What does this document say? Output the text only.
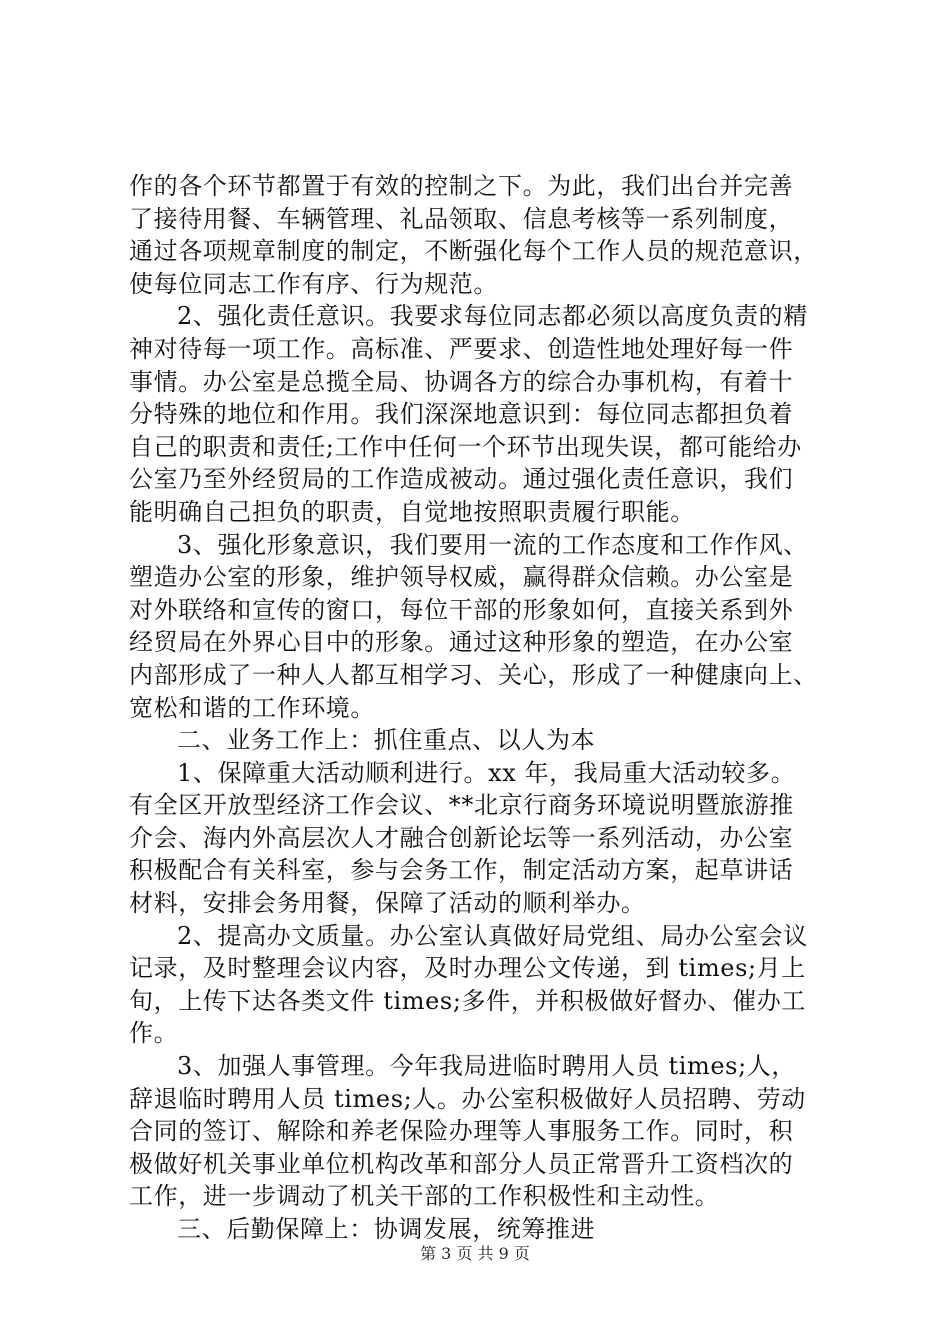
作的各个环节都置于有效的控制之下。为此，我们出台并完善
了接待用餐、车辆管理、礼品领取、信息考核等一系列制度，
通过各项规章制度的制定，不断强化每个工作人员的规范意识，
使每位同志工作有序、行为规范。
2、强化责任意识。我要求每位同志都必须以高度负责的精
神对待每一项工作。高标准、严要求、创造性地处理好每一件
事情。办公室是总揽全局、协调各方的综合办事机构，有着十
分特殊的地位和作用。我们深深地意识到：每位同志都担负着
自己的职责和责任;工作中任何一个环节出现失误，都可能给办
公室乃至外经贸局的工作造成被动。通过强化责任意识，我们
能明确自己担负的职责，自觉地按照职责履行职能。
3、强化形象意识，我们要用一流的工作态度和工作作风、
塑造办公室的形象，维护领导权威，赢得群众信赖。办公室是
对外联络和宣传的窗口，每位干部的形象如何，直接关系到外
经贸局在外界心目中的形象。通过这种形象的塑造，在办公室
内部形成了一种人人都互相学习、关心，形成了一种健康向上、
宽松和谐的工作环境。
二、业务工作上：抓住重点、以人为本
1、保障重大活动顺利进行。xx 年，我局重大活动较多。
有全区开放型经济工作会议、**北京行商务环境说明暨旅游推
介会、海内外高层次人才融合创新论坛等一系列活动，办公室
积极配合有关科室，参与会务工作，制定活动方案，起草讲话
材料，安排会务用餐，保障了活动的顺利举办。
2、提高办文质量。办公室认真做好局党组、局办公室会议
记录，及时整理会议内容，及时办理公文传递，到 times;月上
旬，上传下达各类文件 times;多件，并积极做好督办、催办工
作。
3、加强人事管理。今年我局进临时聘用人员 times;人，
辞退临时聘用人员 times;人。办公室积极做好人员招聘、劳动
合同的签订、解除和养老保险办理等人事服务工作。同时，积
极做好机关事业单位机构改革和部分人员正常晋升工资档次的
工作，进一步调动了机关干部的工作积极性和主动性。
三、后勤保障上：协调发展，统筹推进
第 3 页 共 9 页
